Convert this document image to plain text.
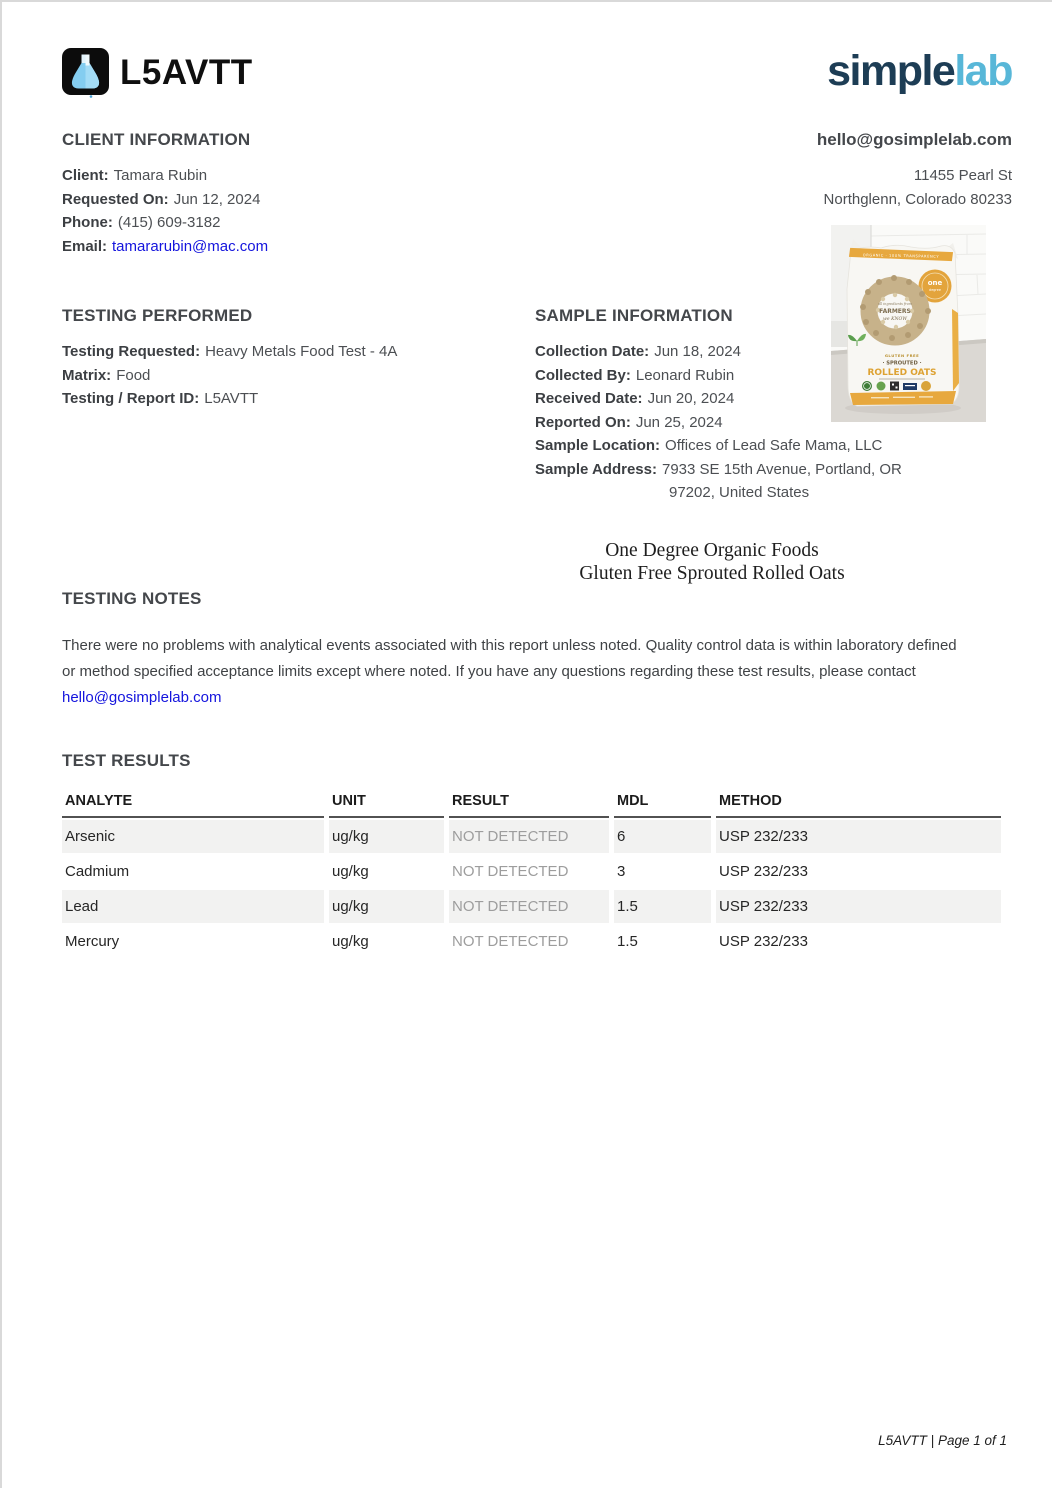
L5AVTT	simplelab
CLIENT INFORMATION
Client: Tamara Rubin
Requested On: Jun 12, 2024
Phone: (415) 609-3182
Email: tamararubin@mac.com
hello@gosimplelab.com
11455 Pearl St
Northglenn, Colorado 80233
ORGANIC · 100% TRANSPARENCY
one
degree
all ingredients from
FARMERS
we KNOW
GLUTEN FREE
· SPROUTED ·
ROLLED OATS
TESTING PERFORMED
Testing Requested: Heavy Metals Food Test - 4A
Matrix: Food
Testing / Report ID: L5AVTT
SAMPLE INFORMATION
Collection Date: Jun 18, 2024
Collected By: Leonard Rubin
Received Date: Jun 20, 2024
Reported On: Jun 25, 2024
Sample Location: Offices of Lead Safe Mama, LLC
Sample Address: 7933 SE 15th Avenue, Portland, OR
97202, United States
One Degree Organic Foods
Gluten Free Sprouted Rolled Oats
TESTING NOTES

There were no problems with analytical events associated with this report unless noted. Quality control data is within laboratory defined or method specified acceptance limits except where noted. If you have any questions regarding these test results, please contact hello@gosimplelab.com

TEST RESULTS
ANALYTE	UNIT	RESULT	MDL	METHOD
Arsenic	ug/kg	NOT DETECTED	6	USP 232/233
Cadmium	ug/kg	NOT DETECTED	3	USP 232/233
Lead	ug/kg	NOT DETECTED	1.5	USP 232/233
Mercury	ug/kg	NOT DETECTED	1.5	USP 232/233
L5AVTT | Page 1 of 1
